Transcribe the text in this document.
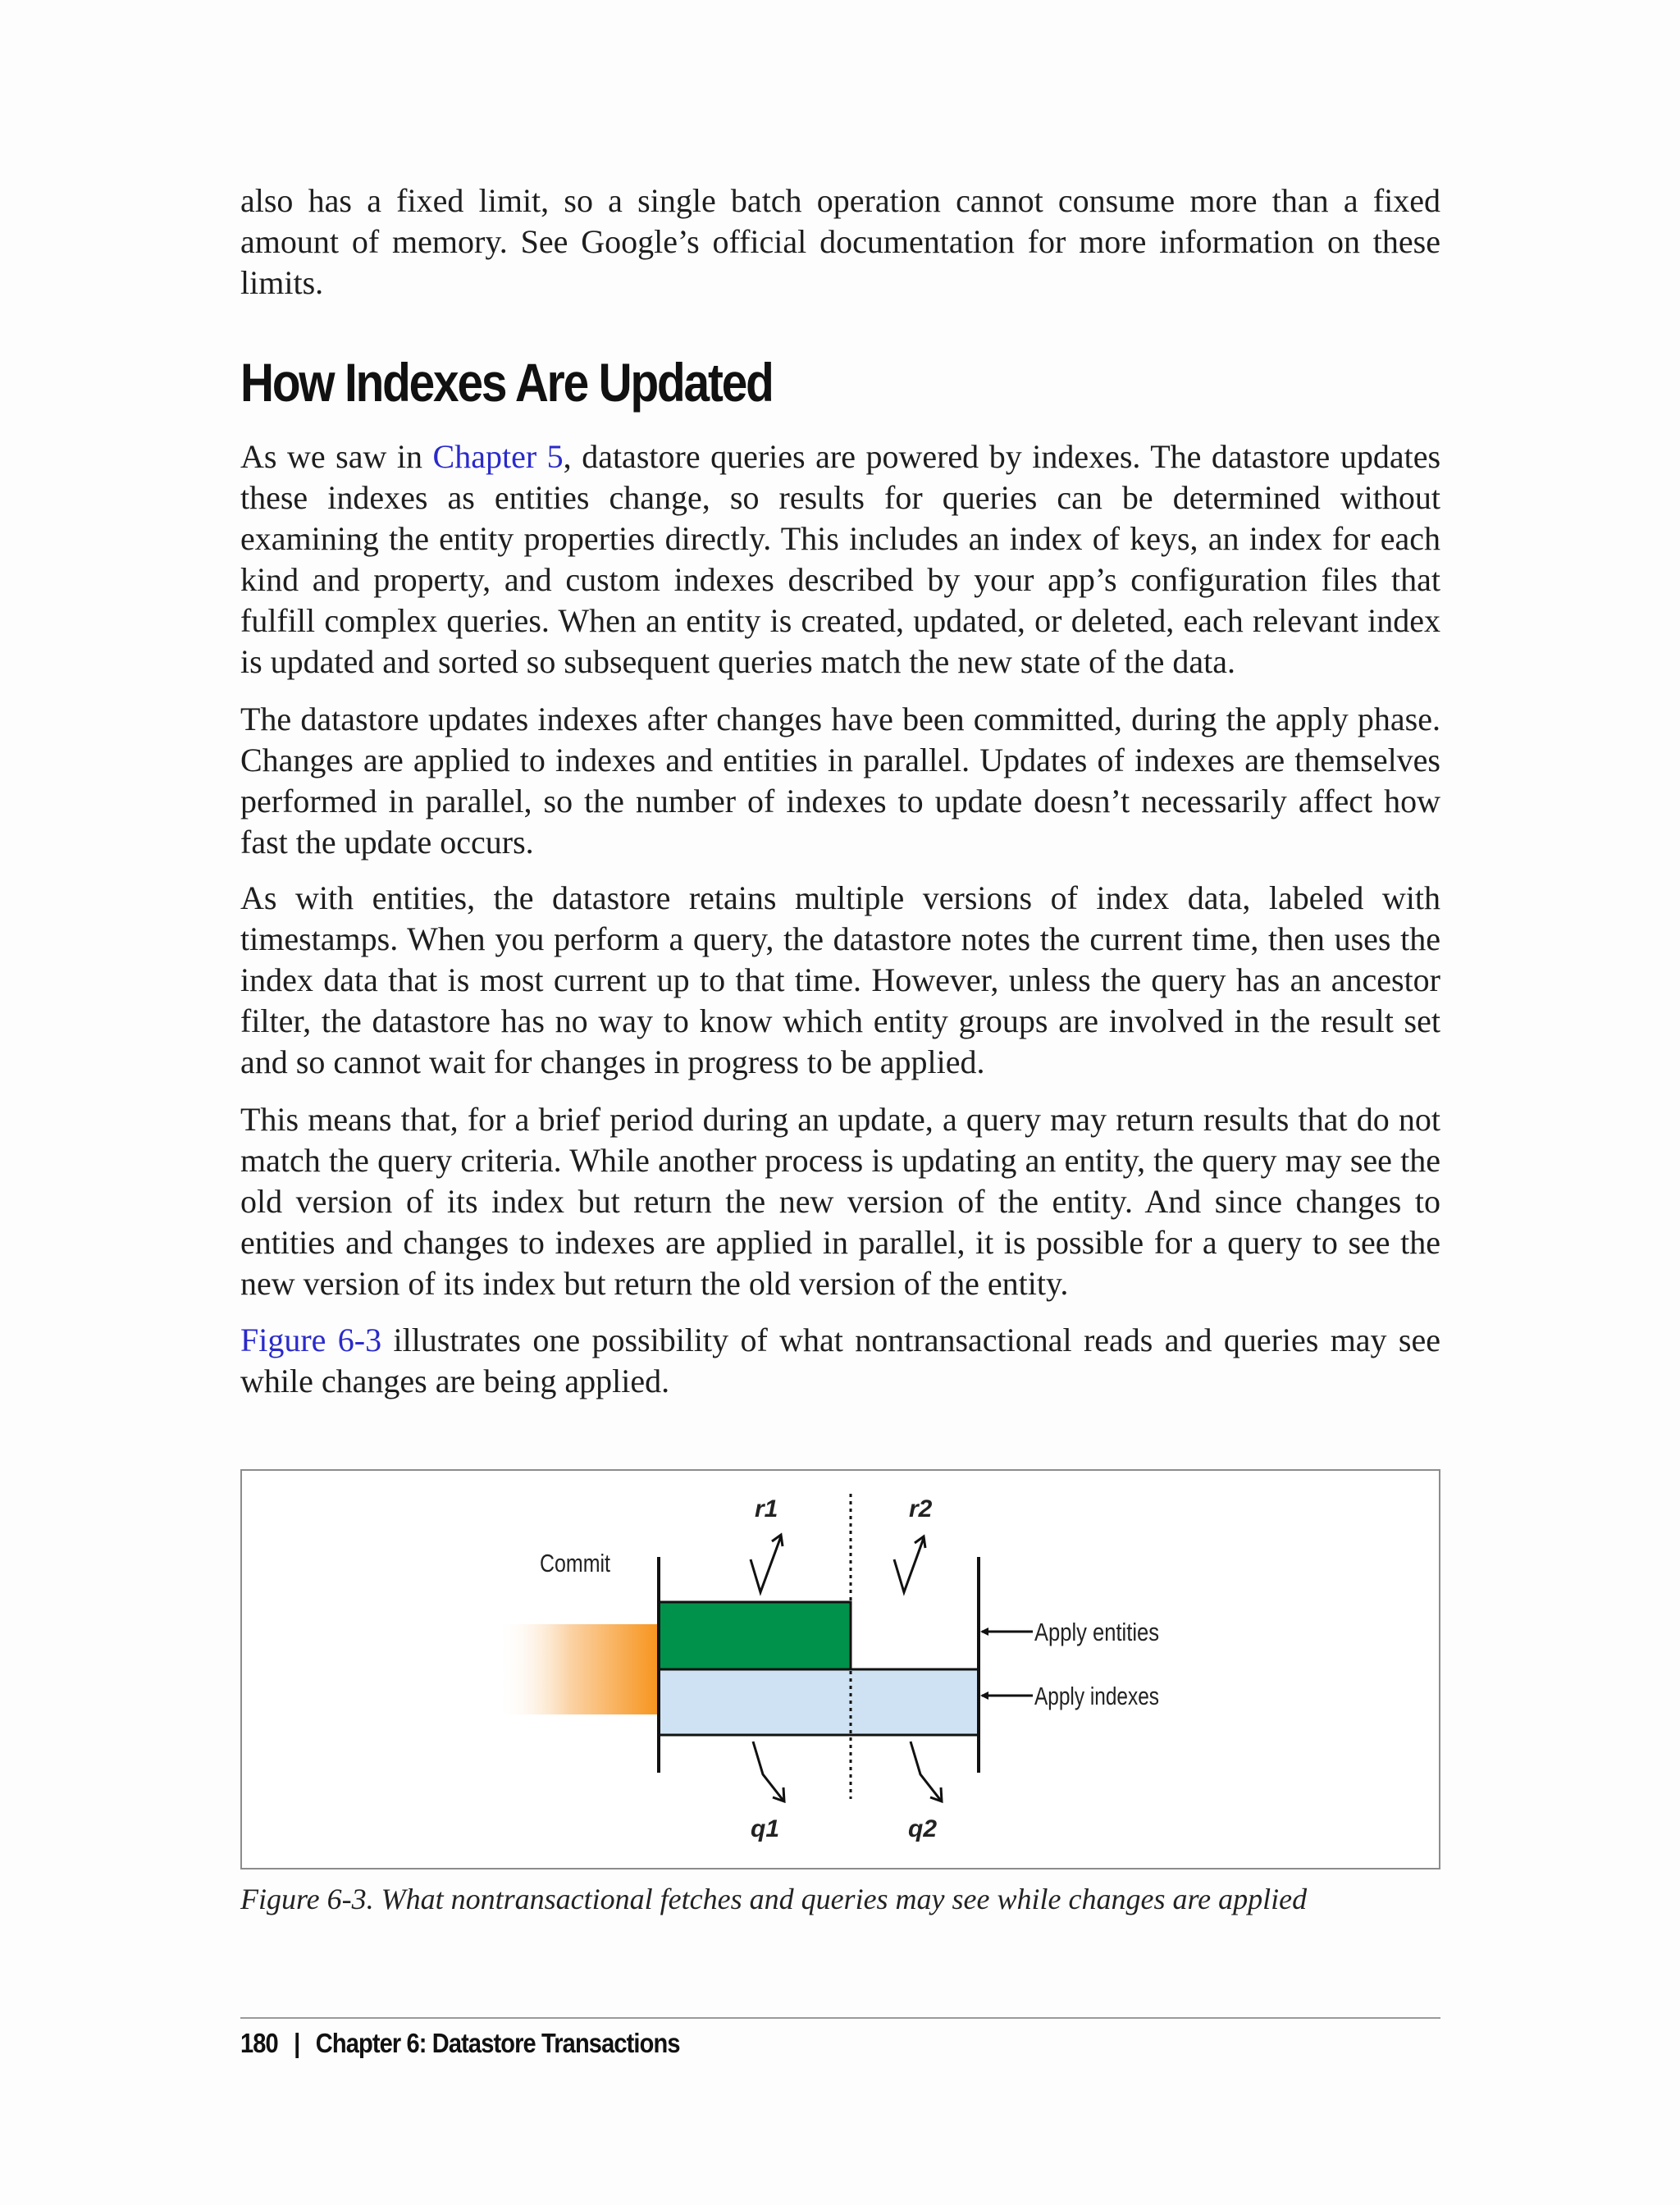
also has a fixed limit, so a single batch operation cannot consume more than a fixed amount of memory. See Google’s official documentation for more information on these limits.

How Indexes Are Updated

As we saw in Chapter 5, datastore queries are powered by indexes. The datastore updates these indexes as entities change, so results for queries can be determined without examining the entity properties directly. This includes an index of keys, an index for each kind and property, and custom indexes described by your app’s configuration files that fulfill complex queries. When an entity is created, updated, or deleted, each relevant index is updated and sorted so subsequent queries match the new state of the data.

The datastore updates indexes after changes have been committed, during the apply phase. Changes are applied to indexes and entities in parallel. Updates of indexes are themselves performed in parallel, so the number of indexes to update doesn’t necessarily affect how fast the update occurs.

As with entities, the datastore retains multiple versions of index data, labeled with timestamps. When you perform a query, the datastore notes the current time, then uses the index data that is most current up to that time. However, unless the query has an ancestor filter, the datastore has no way to know which entity groups are involved in the result set and so cannot wait for changes in progress to be applied.

This means that, for a brief period during an update, a query may return results that do not match the query criteria. While another process is updating an entity, the query may see the old version of its index but return the new version of the entity. And since changes to entities and changes to indexes are applied in parallel, it is possible for a query to see the new version of its index but return the old version of the entity.

Figure 6-3 illustrates one possibility of what nontransactional reads and queries may see while changes are being applied.

Commit
r1	r2
q1	q2
Apply entities
Apply indexes

Figure 6-3. What nontransactional fetches and queries may see while changes are applied

180 | Chapter 6: Datastore Transactions
